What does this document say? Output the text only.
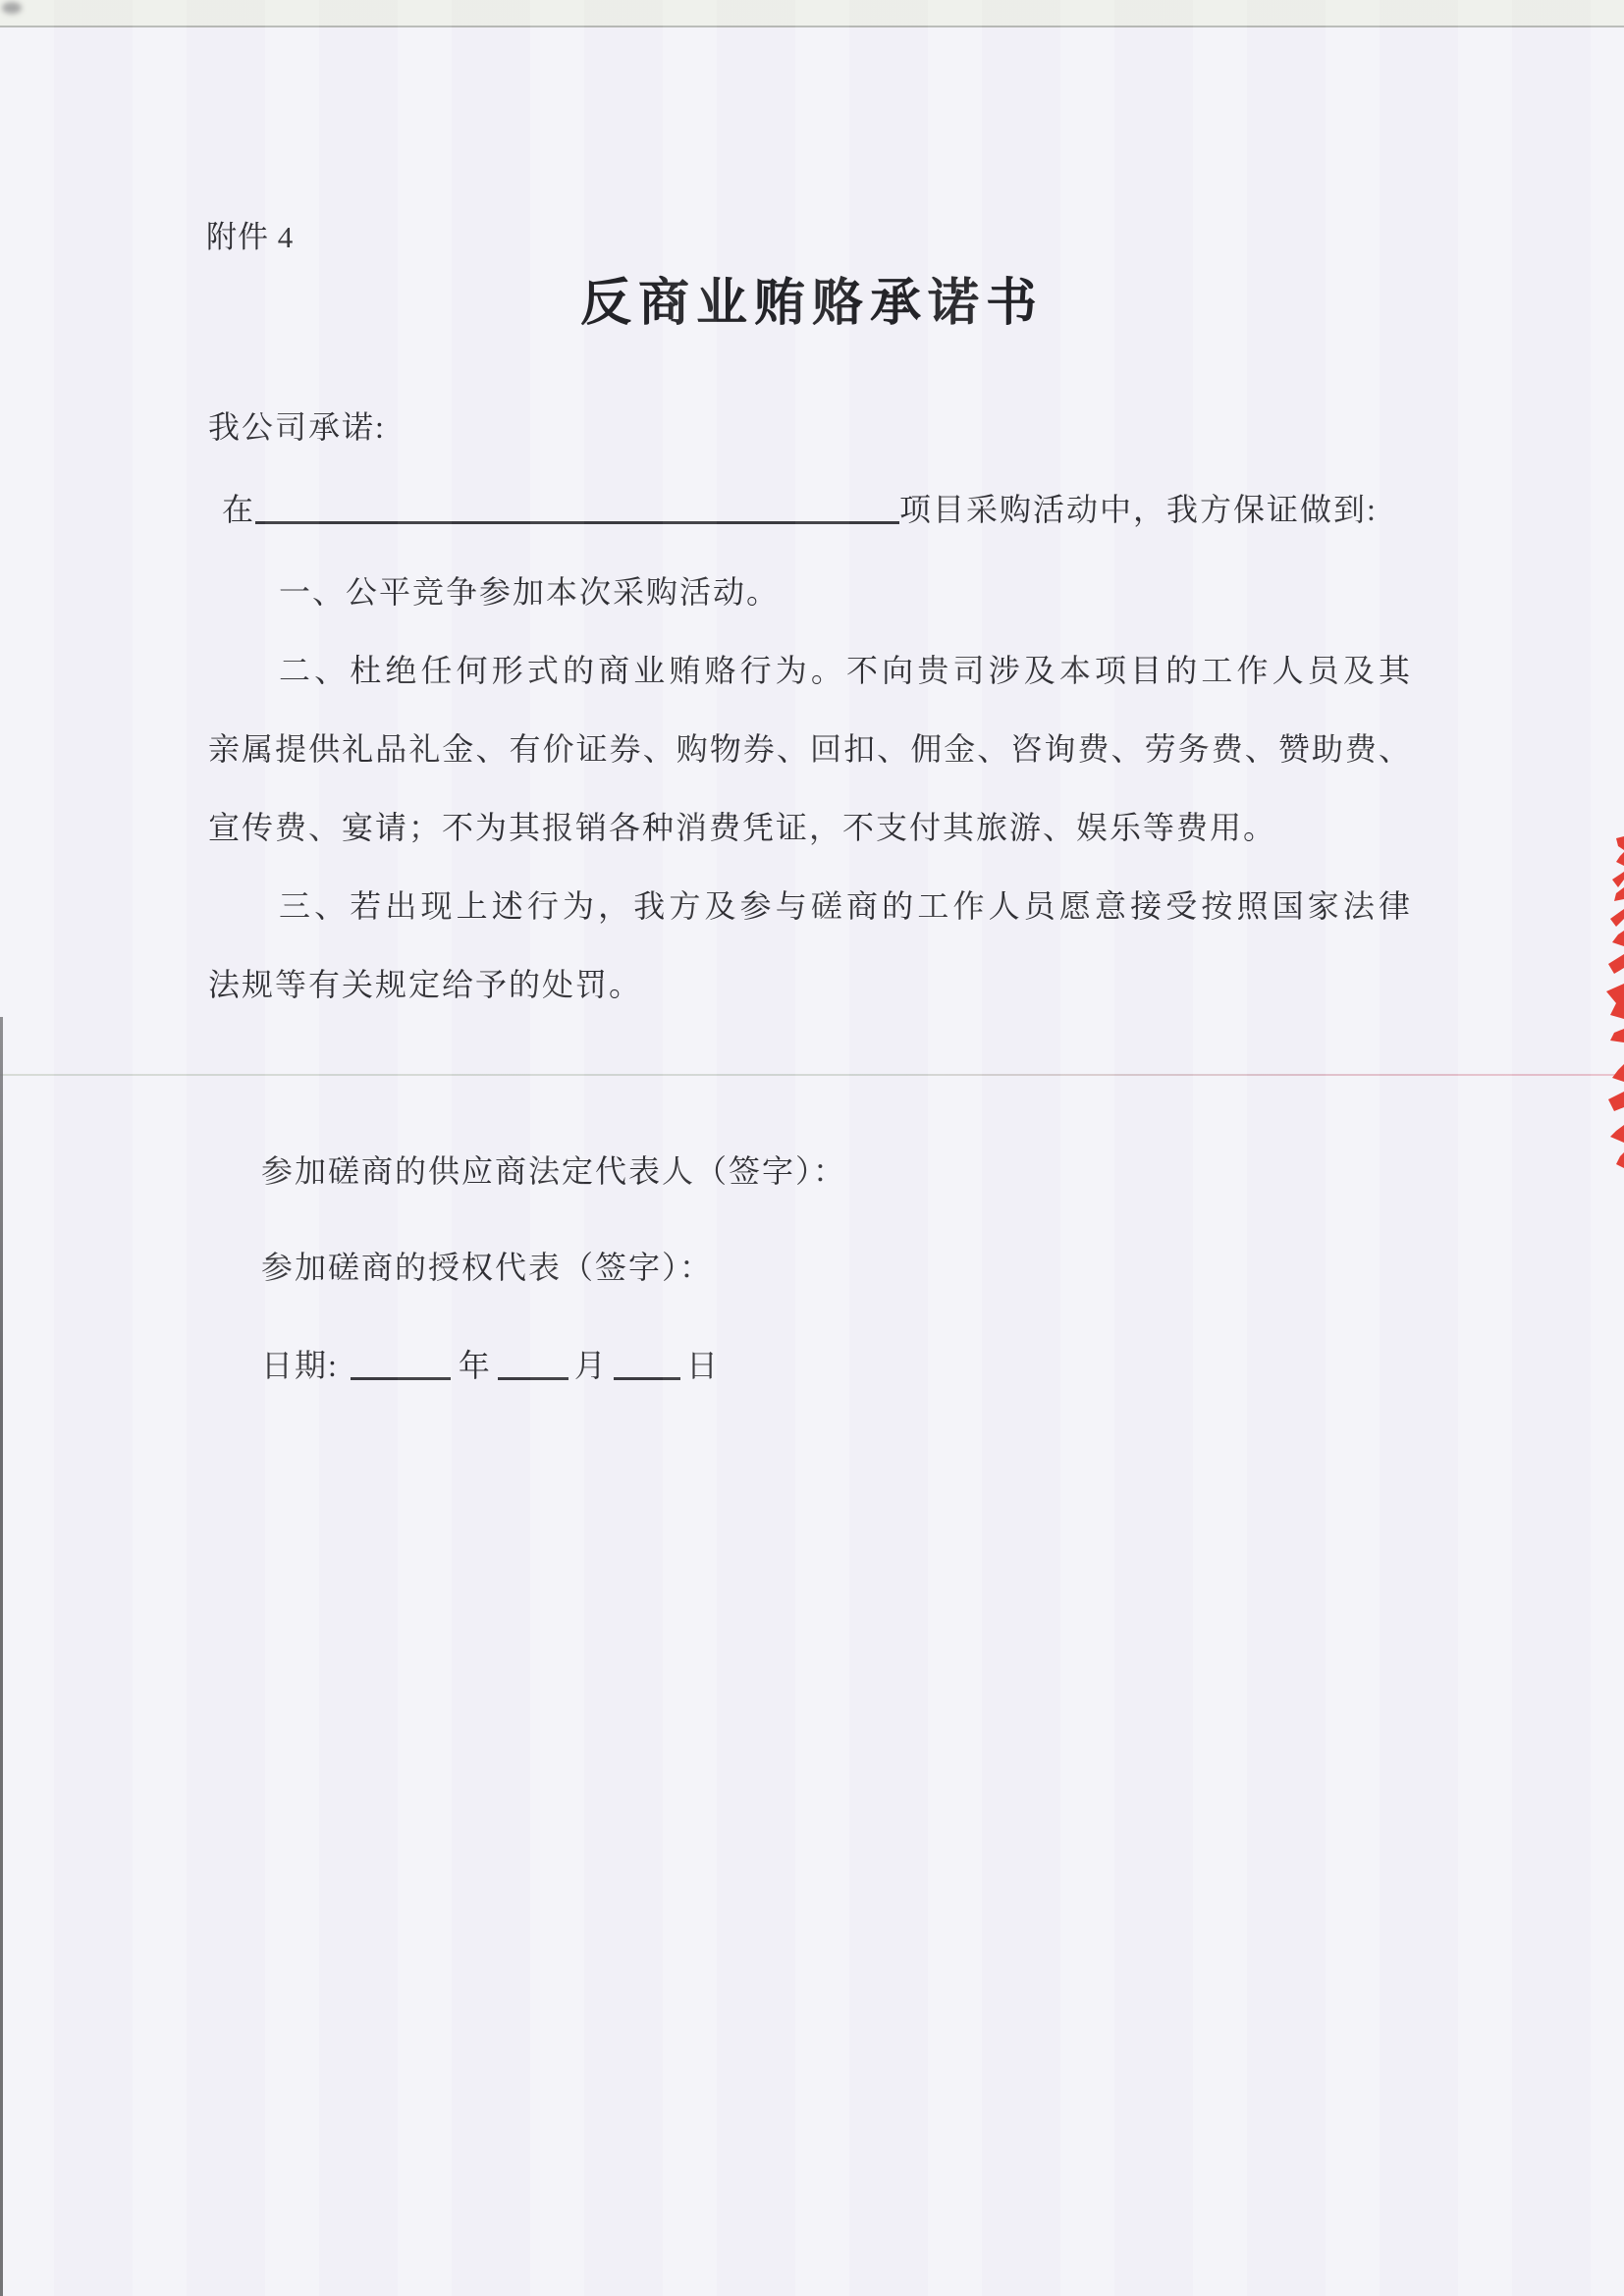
附件 4
反商业贿赂承诺书

我公司承诺:

在	项目采购活动中，我方保证做到:
一、公平竞争参加本次采购活动。
二、杜绝任何形式的商业贿赂行为。不向贵司涉及本项目的工作人员及其
亲属提供礼品礼金、有价证券、购物券、回扣、佣金、咨询费、劳务费、赞助费、
宣传费、宴请；不为其报销各种消费凭证，不支付其旅游、娱乐等费用。
三、若出现上述行为，我方及参与磋商的工作人员愿意接受按照国家法律
法规等有关规定给予的处罚。

参加磋商的供应商法定代表人（签字）：

参加磋商的授权代表（签字）：

日期:	年	月	日
